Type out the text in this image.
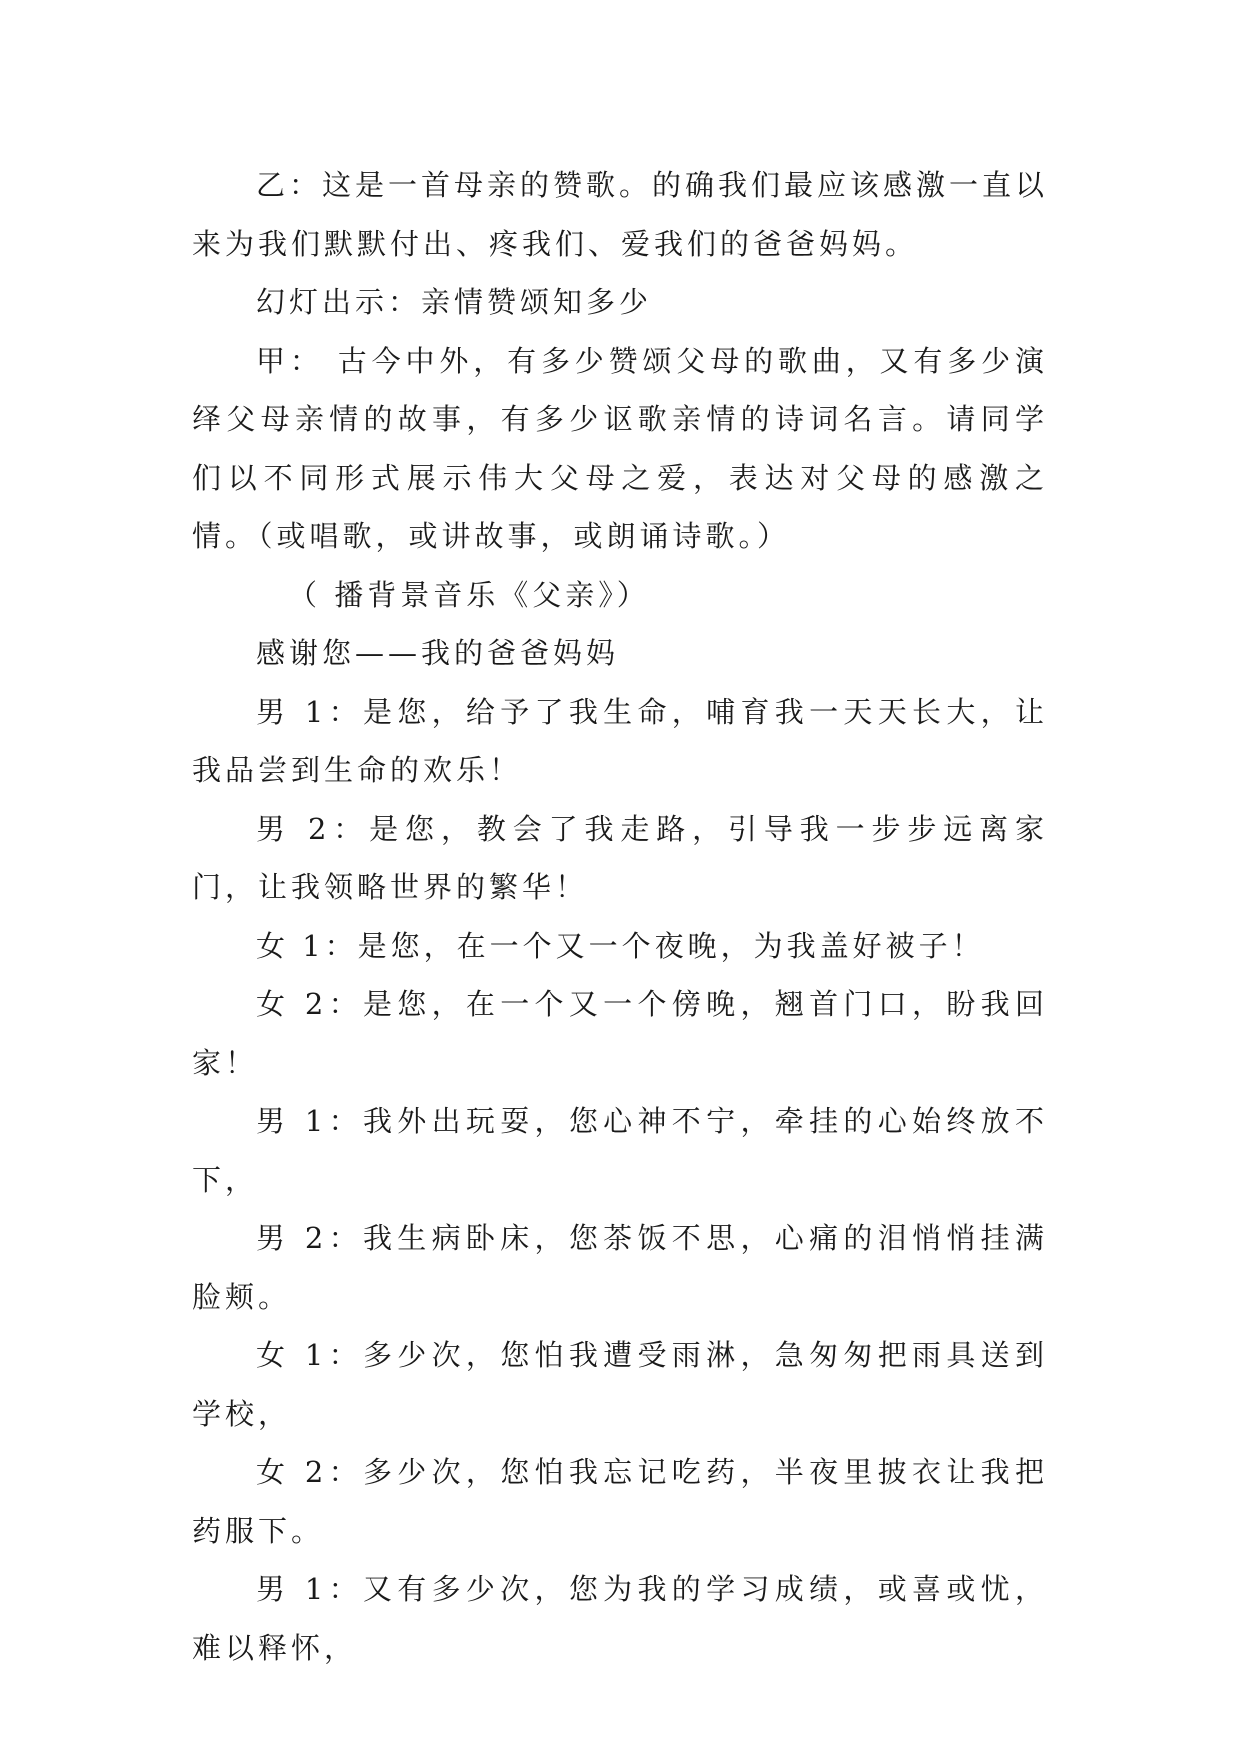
乙：这是一首母亲的赞歌。的确我们最应该感激一直以来为我们默默付出、疼我们、爱我们的爸爸妈妈。

幻灯出示：亲情赞颂知多少

甲： 古今中外，有多少赞颂父母的歌曲，又有多少演绎父母亲情的故事，有多少讴歌亲情的诗词名言。请同学们以不同形式展示伟大父母之爱，表达对父母的感激之情。（或唱歌，或讲故事，或朗诵诗歌。）

（ 播背景音乐《父亲》）

感谢您——我的爸爸妈妈

男 1：是您，给予了我生命，哺育我一天天长大，让我品尝到生命的欢乐！

男 2：是您，教会了我走路，引导我一步步远离家门，让我领略世界的繁华！

女 1：是您，在一个又一个夜晚，为我盖好被子！

女 2：是您，在一个又一个傍晚，翘首门口，盼我回家！

男 1：我外出玩耍，您心神不宁，牵挂的心始终放不下，

男 2：我生病卧床，您茶饭不思，心痛的泪悄悄挂满脸颊。

女 1：多少次，您怕我遭受雨淋，急匆匆把雨具送到学校，

女 2：多少次，您怕我忘记吃药，半夜里披衣让我把药服下。

男 1：又有多少次，您为我的学习成绩，或喜或忧，难以释怀，
